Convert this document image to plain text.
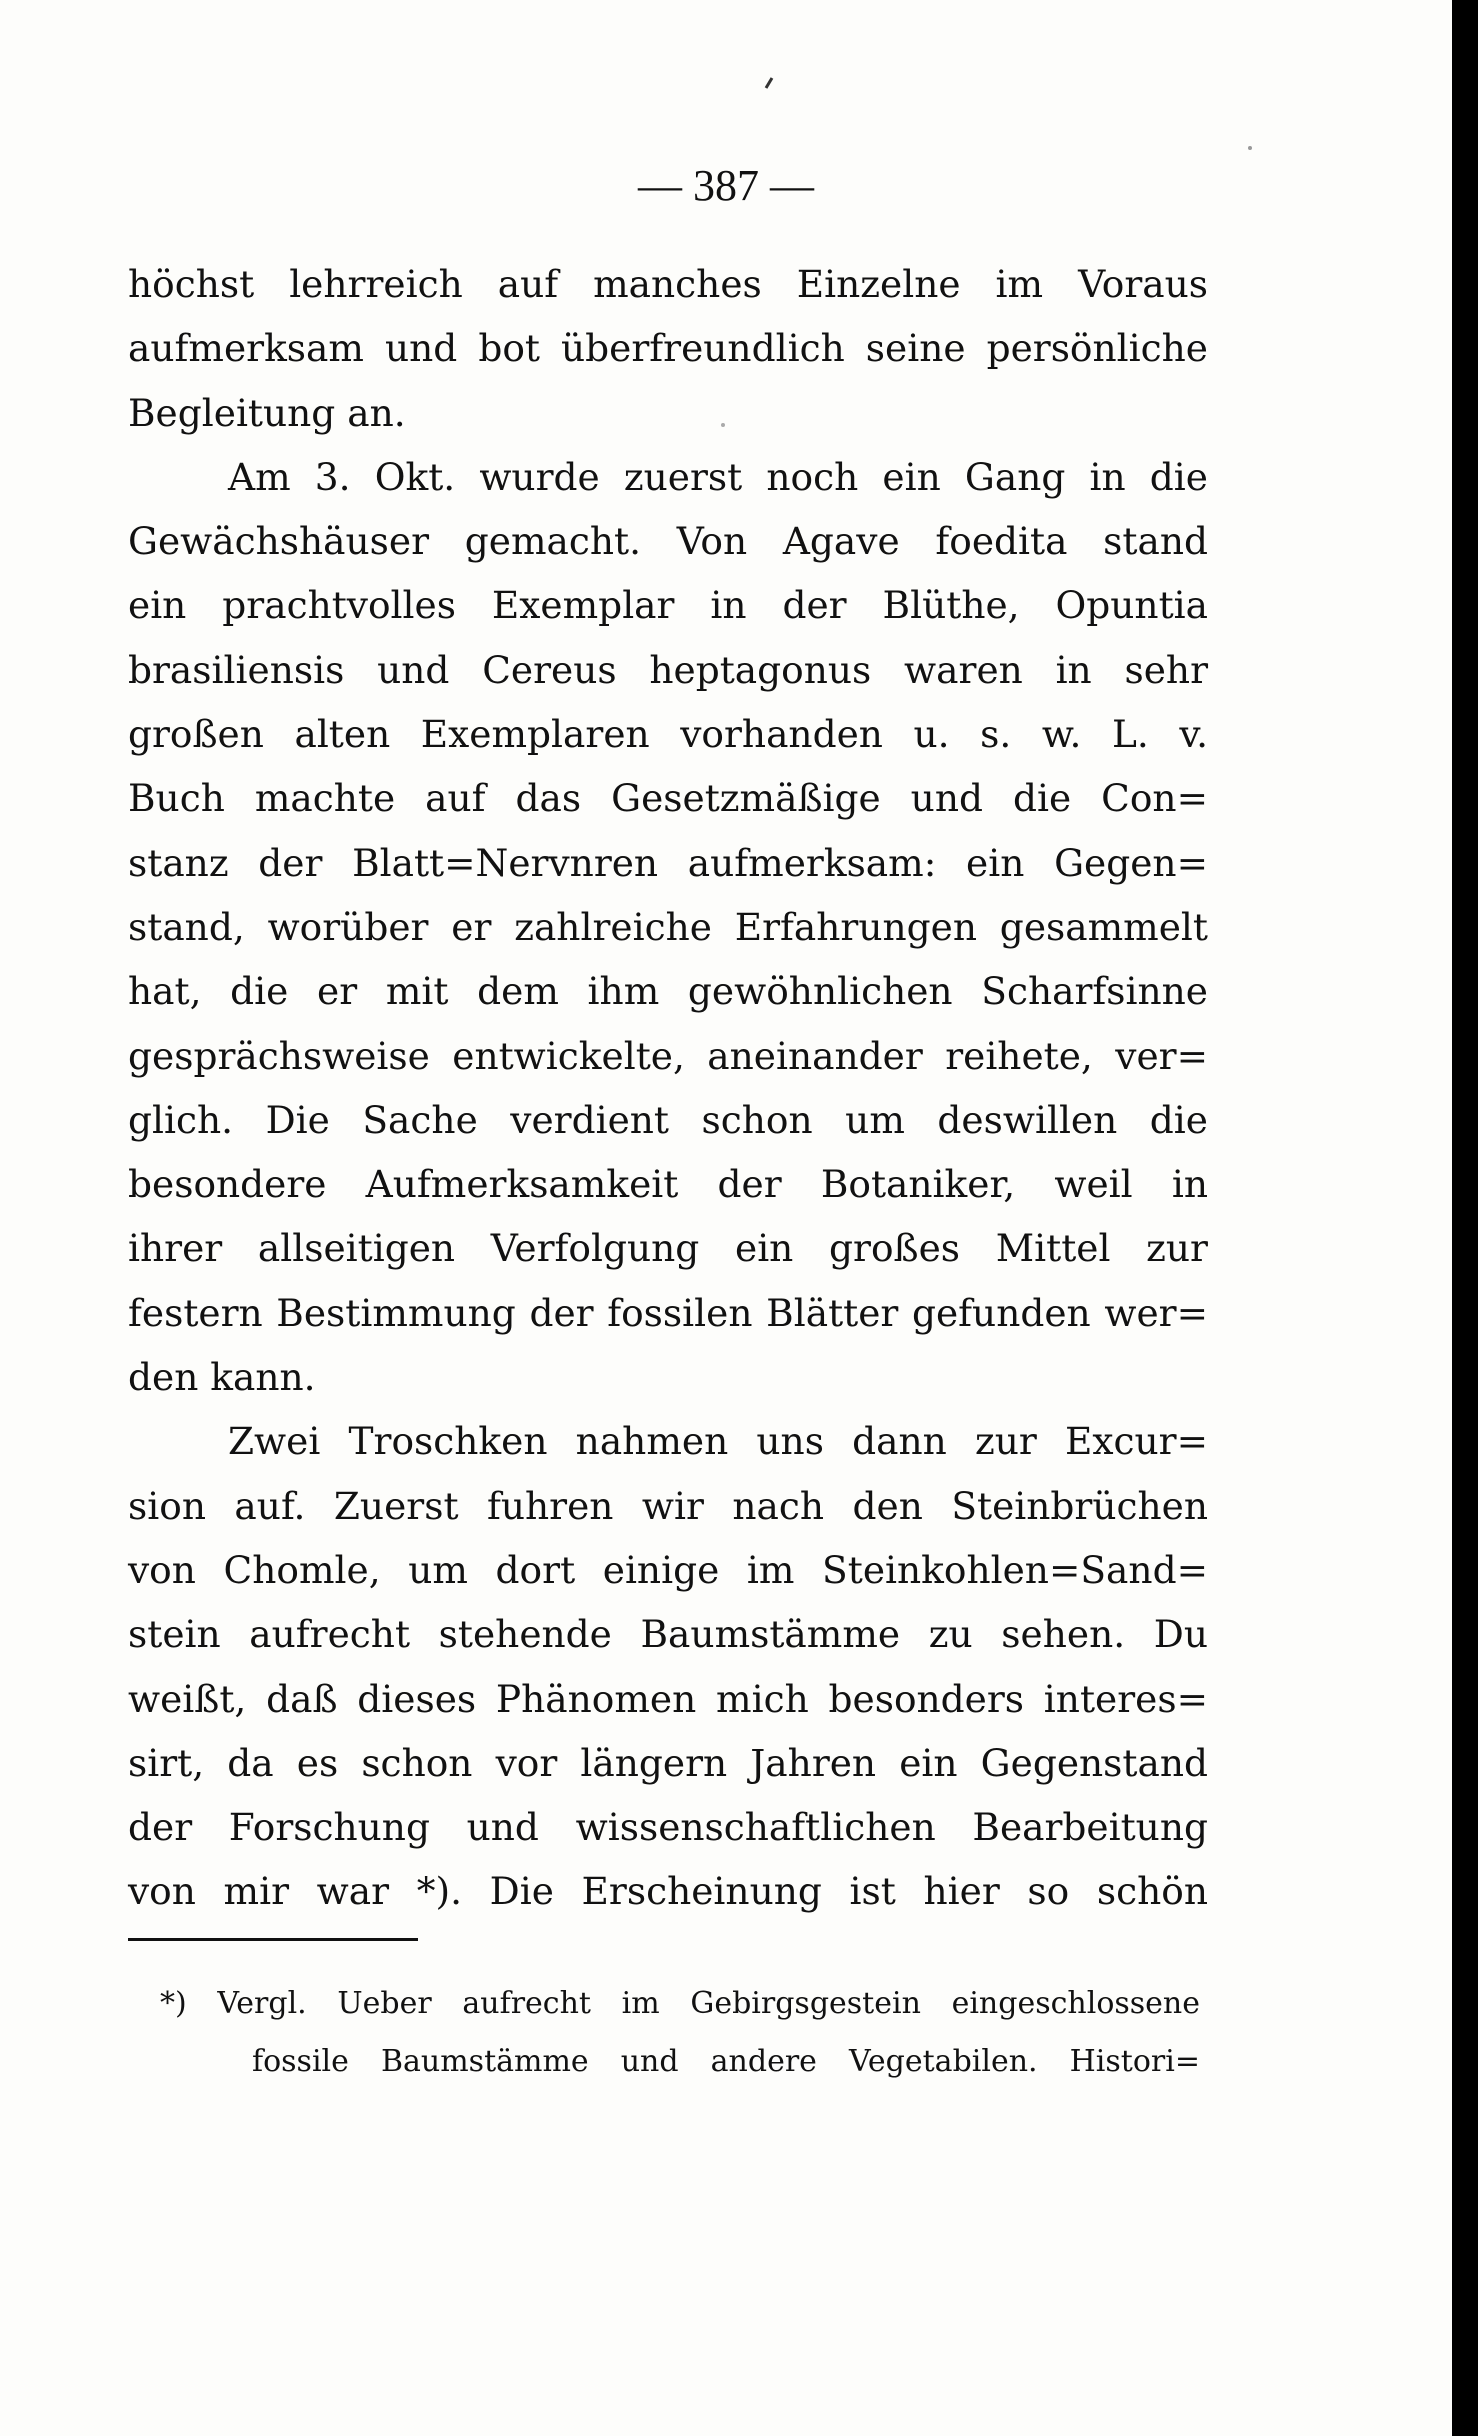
— 387 —
höchst lehrreich auf manches Einzelne im Voraus
aufmerksam und bot überfreundlich seine persönliche
Begleitung an.
Am 3. Okt. wurde zuerst noch ein Gang in die
Gewächshäuser gemacht. Von Agave foedita stand
ein prachtvolles Exemplar in der Blüthe, Opuntia
brasiliensis und Cereus heptagonus waren in sehr
großen alten Exemplaren vorhanden u. s. w. L. v.
Buch machte auf das Gesetzmäßige und die Con=
stanz der Blatt=Nervnren aufmerksam: ein Gegen=
stand, worüber er zahlreiche Erfahrungen gesammelt
hat, die er mit dem ihm gewöhnlichen Scharfsinne
gesprächsweise entwickelte, aneinander reihete, ver=
glich. Die Sache verdient schon um deswillen die
besondere Aufmerksamkeit der Botaniker, weil in
ihrer allseitigen Verfolgung ein großes Mittel zur
festern Bestimmung der fossilen Blätter gefunden wer=
den kann.
Zwei Troschken nahmen uns dann zur Excur=
sion auf. Zuerst fuhren wir nach den Steinbrüchen
von Chomle, um dort einige im Steinkohlen=Sand=
stein aufrecht stehende Baumstämme zu sehen. Du
weißt, daß dieses Phänomen mich besonders interes=
sirt, da es schon vor längern Jahren ein Gegenstand
der Forschung und wissenschaftlichen Bearbeitung
von mir war *). Die Erscheinung ist hier so schön
*) Vergl. Ueber aufrecht im Gebirgsgestein eingeschlossene
fossile Baumstämme und andere Vegetabilen. Histori=
